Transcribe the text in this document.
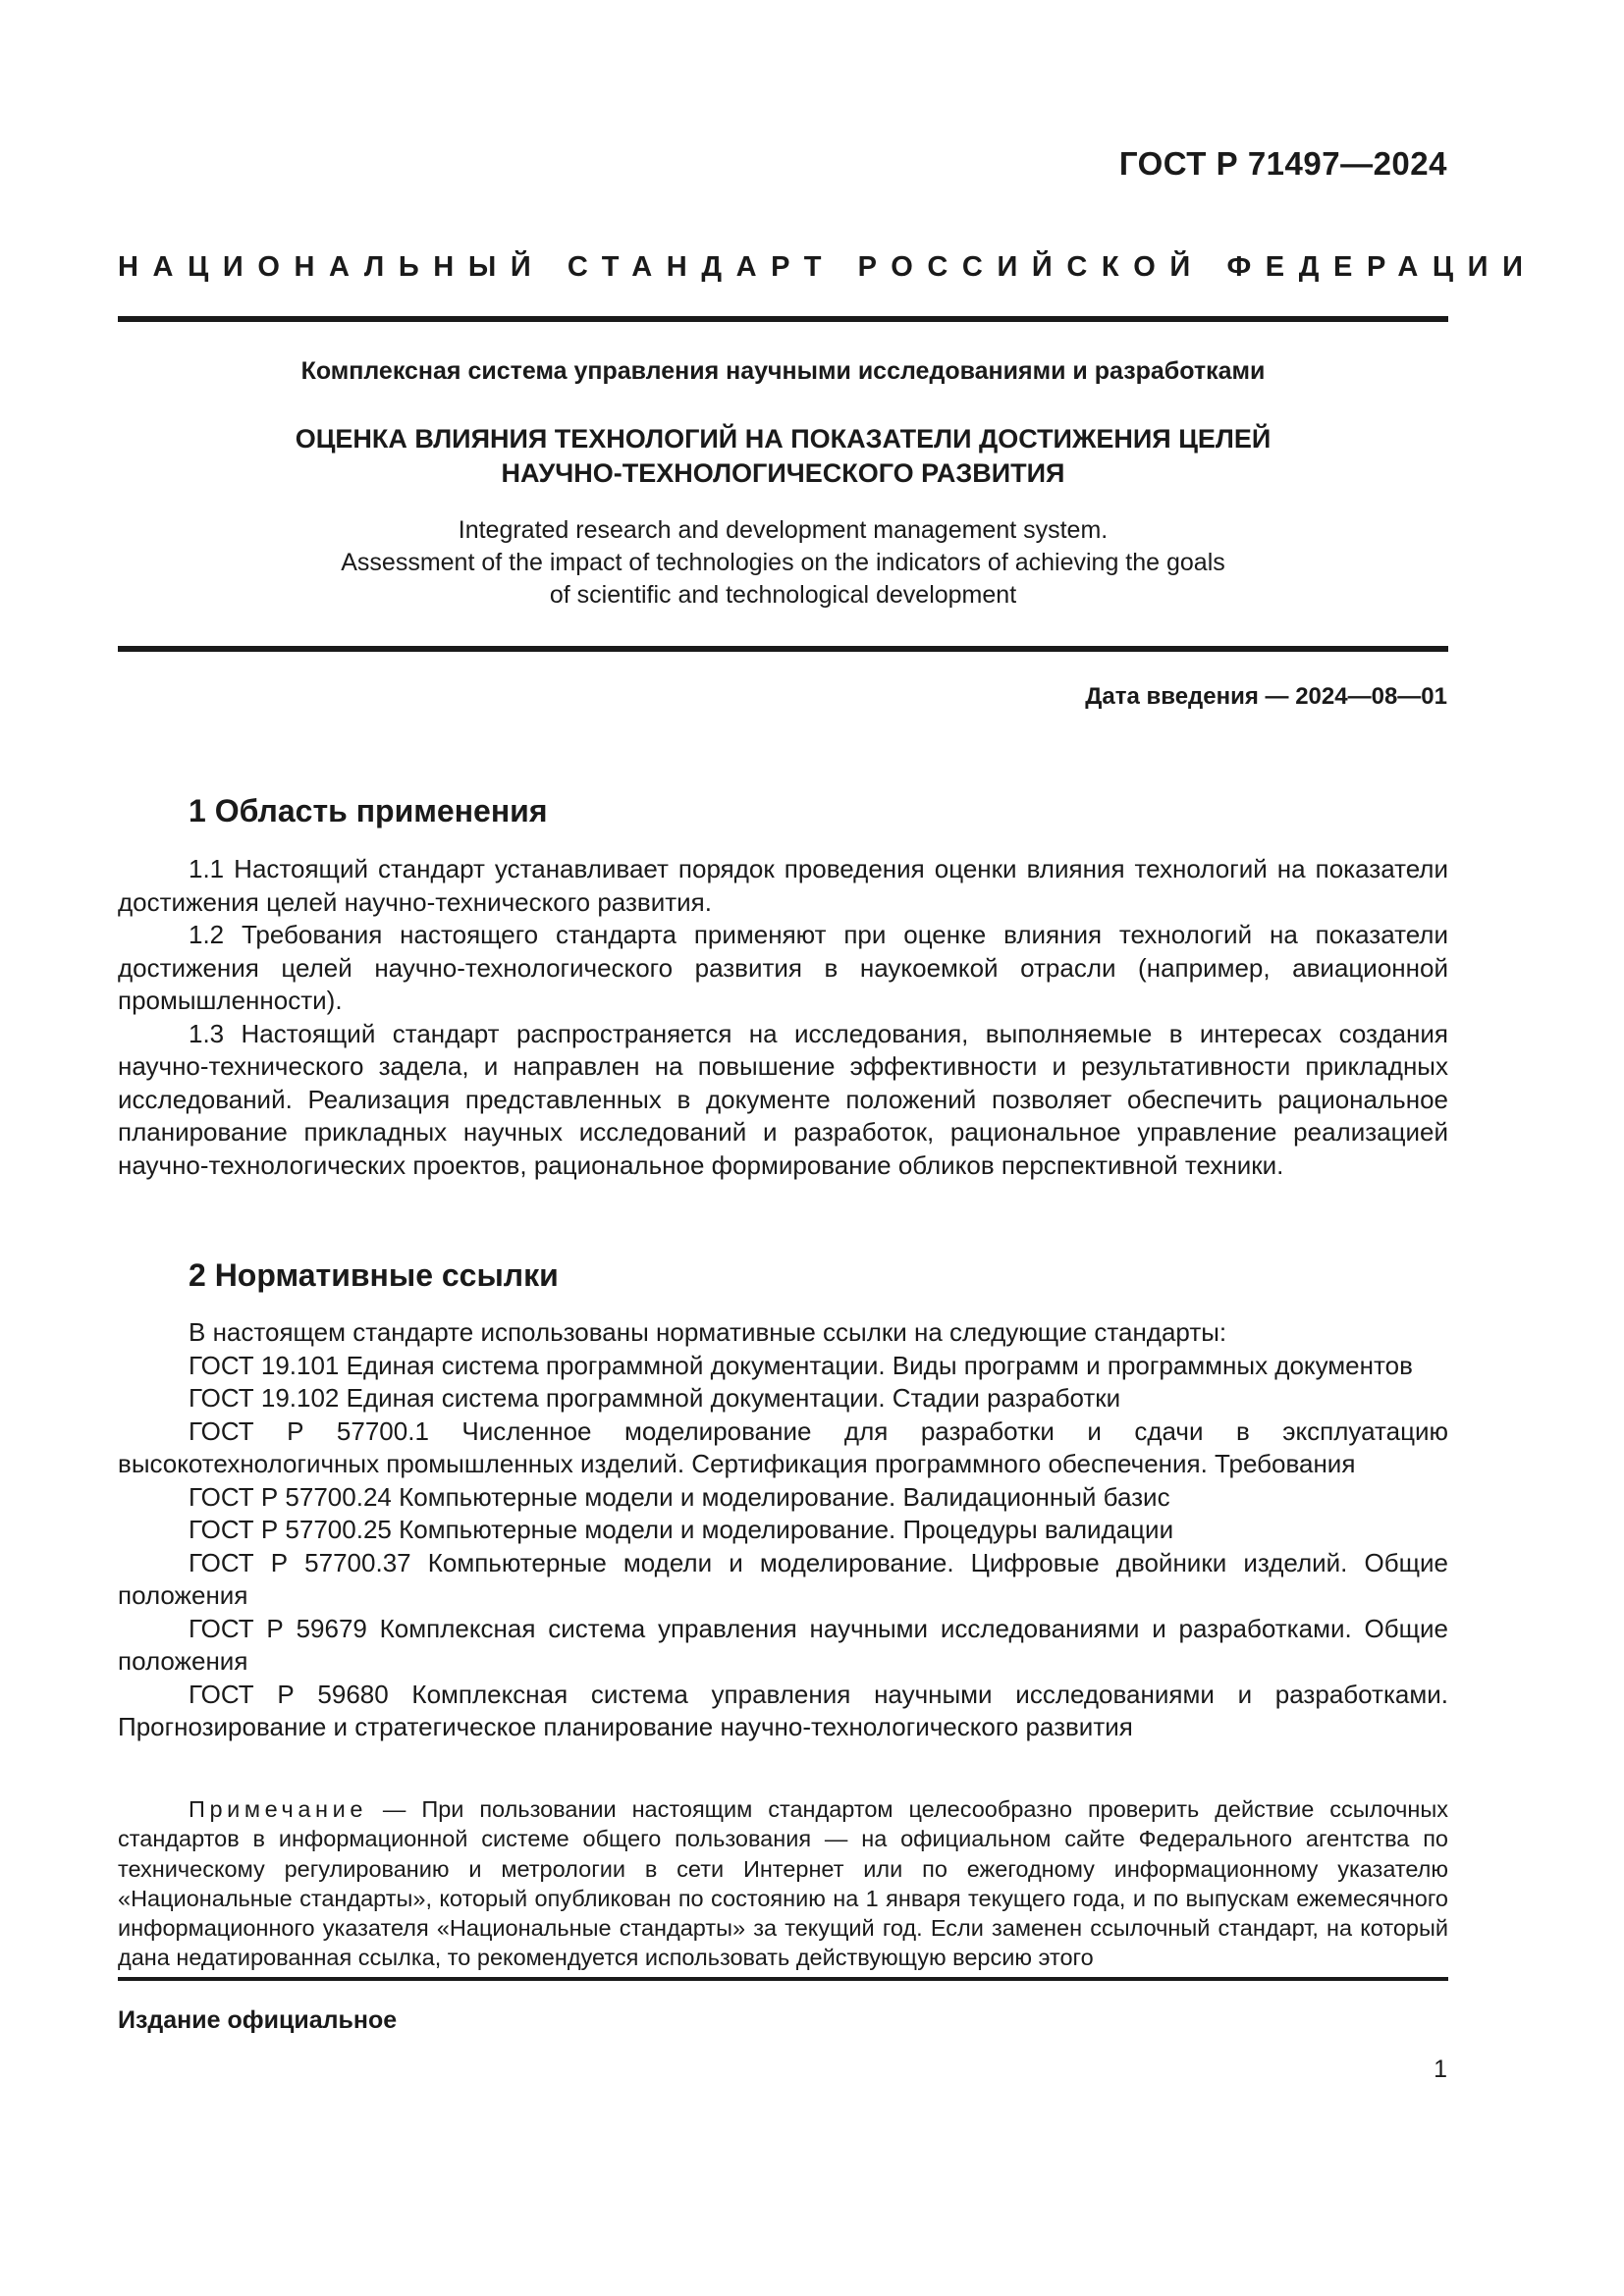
ГОСТ Р 71497—2024
НАЦИОНАЛЬНЫЙ СТАНДАРТ РОССИЙСКОЙ ФЕДЕРАЦИИ
Комплексная система управления научными исследованиями и разработками
ОЦЕНКА ВЛИЯНИЯ ТЕХНОЛОГИЙ НА ПОКАЗАТЕЛИ ДОСТИЖЕНИЯ ЦЕЛЕЙ
НАУЧНО-ТЕХНОЛОГИЧЕСКОГО РАЗВИТИЯ
Integrated research and development management system.
Assessment of the impact of technologies on the indicators of achieving the goals
of scientific and technological development
Дата введения — 2024—08—01
1 Область применения

1.1 Настоящий стандарт устанавливает порядок проведения оценки влияния технологий на показатели достижения целей научно-технического развития.

1.2 Требования настоящего стандарта применяют при оценке влияния технологий на показатели достижения целей научно-технологического развития в наукоемкой отрасли (например, авиационной промышленности).

1.3 Настоящий стандарт распространяется на исследования, выполняемые в интересах создания научно-технического задела, и направлен на повышение эффективности и результативности прикладных исследований. Реализация представленных в документе положений позволяет обеспечить рациональное планирование прикладных научных исследований и разработок, рациональное управление реализацией научно-технологических проектов, рациональное формирование обликов перспективной техники.

2 Нормативные ссылки

В настоящем стандарте использованы нормативные ссылки на следующие стандарты:

ГОСТ 19.101 Единая система программной документации. Виды программ и программных документов

ГОСТ 19.102 Единая система программной документации. Стадии разработки

ГОСТ Р 57700.1 Численное моделирование для разработки и сдачи в эксплуатацию высокотехнологичных промышленных изделий. Сертификация программного обеспечения. Требования

ГОСТ Р 57700.24 Компьютерные модели и моделирование. Валидационный базис

ГОСТ Р 57700.25 Компьютерные модели и моделирование. Процедуры валидации

ГОСТ Р 57700.37 Компьютерные модели и моделирование. Цифровые двойники изделий. Общие положения

ГОСТ Р 59679 Комплексная система управления научными исследованиями и разработками. Общие положения

ГОСТ Р 59680 Комплексная система управления научными исследованиями и разработками. Прогнозирование и стратегическое планирование научно-технологического развития

Примечание — При пользовании настоящим стандартом целесообразно проверить действие ссылочных стандартов в информационной системе общего пользования — на официальном сайте Федерального агентства по техническому регулированию и метрологии в сети Интернет или по ежегодному информационному указателю «Национальные стандарты», который опубликован по состоянию на 1 января текущего года, и по выпускам ежемесячного информационного указателя «Национальные стандарты» за текущий год. Если заменен ссылочный стандарт, на который дана недатированная ссылка, то рекомендуется использовать действующую версию этого

Издание официальное
1
